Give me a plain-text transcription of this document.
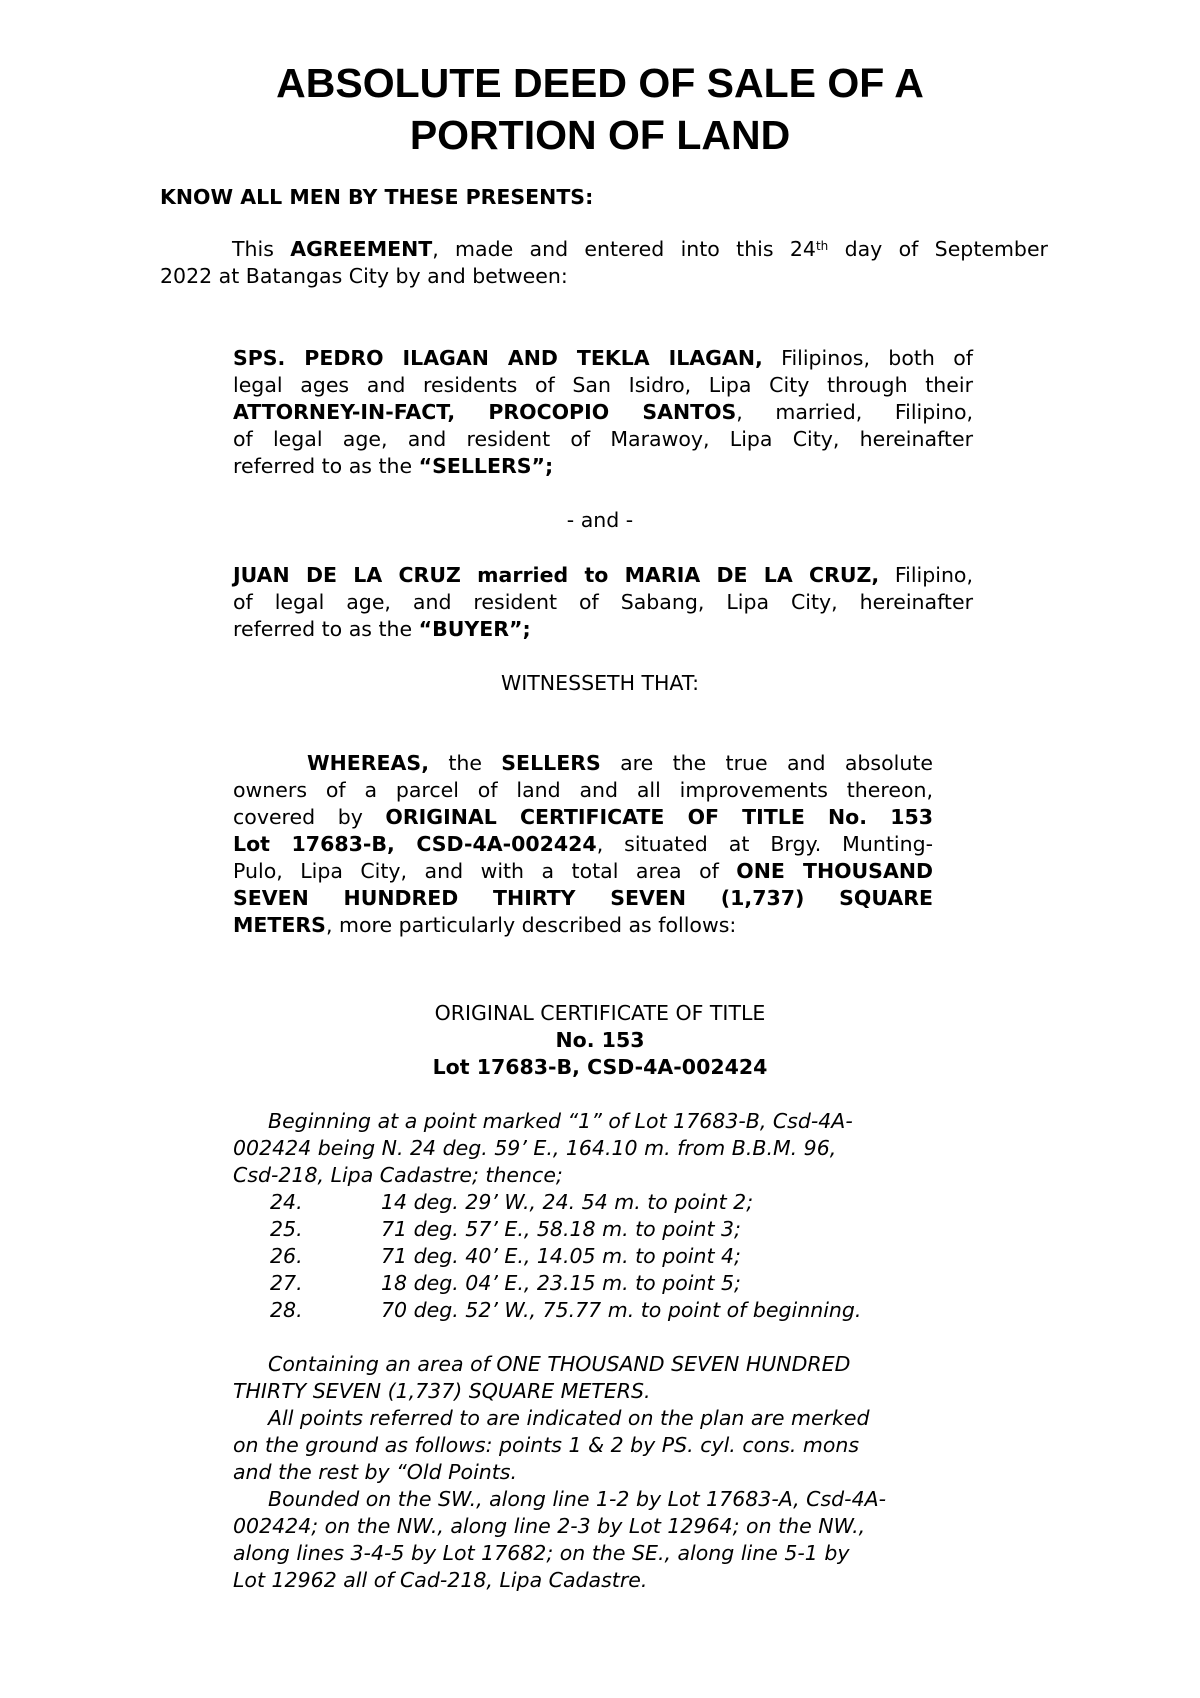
ABSOLUTE DEED OF SALE OF A
PORTION OF LAND
KNOW ALL MEN BY THESE PRESENTS:
This AGREEMENT, made and entered into this 24th day of September
2022 at Batangas City by and between:
SPS. PEDRO ILAGAN AND TEKLA ILAGAN, Filipinos, both of
legal ages and residents of San Isidro, Lipa City through their
ATTORNEY-IN-FACT, PROCOPIO SANTOS, married, Filipino,
of legal age, and resident of Marawoy, Lipa City, hereinafter
referred to as the “SELLERS”;
- and -
JUAN DE LA CRUZ married to MARIA DE LA CRUZ, Filipino,
of legal age, and resident of Sabang, Lipa City, hereinafter
referred to as the “BUYER”;
WITNESSETH THAT:
WHEREAS, the SELLERS are the true and absolute
owners of a parcel of land and all improvements thereon,
covered by ORIGINAL CERTIFICATE OF TITLE No. 153
Lot 17683-B, CSD-4A-002424, situated at Brgy. Munting-
Pulo, Lipa City, and with a total area of ONE THOUSAND
SEVEN HUNDRED THIRTY SEVEN (1,737) SQUARE
METERS, more particularly described as follows:
ORIGINAL CERTIFICATE OF TITLE
No. 153
Lot 17683-B, CSD-4A-002424
Beginning at a point marked “1” of Lot 17683-B, Csd-4A-
002424 being N. 24 deg. 59’ E., 164.10 m. from B.B.M. 96,
Csd-218, Lipa Cadastre; thence;
24.	14 deg. 29’ W., 24. 54 m. to point 2;
25.	71 deg. 57’ E., 58.18 m. to point 3;
26.	71 deg. 40’ E., 14.05 m. to point 4;
27.	18 deg. 04’ E., 23.15 m. to point 5;
28.	70 deg. 52’ W., 75.77 m. to point of beginning.
Containing an area of ONE THOUSAND SEVEN HUNDRED
THIRTY SEVEN (1,737) SQUARE METERS.
All points referred to are indicated on the plan are merked
on the ground as follows: points 1 & 2 by PS. cyl. cons. mons
and the rest by “Old Points.
Bounded on the SW., along line 1-2 by Lot 17683-A, Csd-4A-
002424; on the NW., along line 2-3 by Lot 12964; on the NW.,
along lines 3-4-5 by Lot 17682; on the SE., along line 5-1 by
Lot 12962 all of Cad-218, Lipa Cadastre.
